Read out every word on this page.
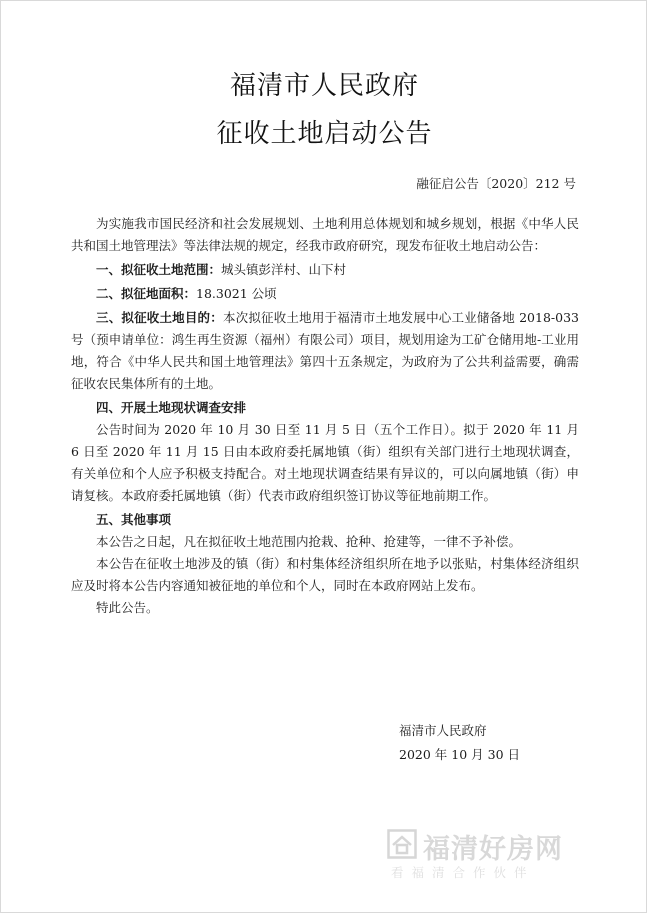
福清市人民政府
征收土地启动公告
融征启公告〔2020〕212 号

为实施我市国民经济和社会发展规划、土地利用总体规划和城乡规划，根据《中华人民共和国土地管理法》等法律法规的规定，经我市政府研究，现发布征收土地启动公告：

一、拟征收土地范围：城头镇彭洋村、山下村

二、拟征地面积：18.3021 公顷

三、拟征收土地目的：本次拟征收土地用于福清市土地发展中心工业储备地 2018-033 号（预申请单位：鸿生再生资源（福州）有限公司）项目，规划用途为工矿仓储用地-工业用地，符合《中华人民共和国土地管理法》第四十五条规定，为政府为了公共利益需要，确需征收农民集体所有的土地。

四、开展土地现状调查安排

公告时间为 2020 年 10 月 30 日至 11 月 5 日（五个工作日）。拟于 2020 年 11 月 6 日至 2020 年 11 月 15 日由本政府委托属地镇（街）组织有关部门进行土地现状调查，有关单位和个人应予积极支持配合。对土地现状调查结果有异议的，可以向属地镇（街）申请复核。本政府委托属地镇（街）代表市政府组织签订协议等征地前期工作。

五、其他事项

本公告之日起，凡在拟征收土地范围内抢栽、抢种、抢建等，一律不予补偿。

本公告在征收土地涉及的镇（街）和村集体经济组织所在地予以张贴，村集体经济组织应及时将本公告内容通知被征地的单位和个人，同时在本政府网站上发布。

特此公告。

福清市人民政府
2020 年 10 月 30 日
福清好房网
看福清合作伙伴
